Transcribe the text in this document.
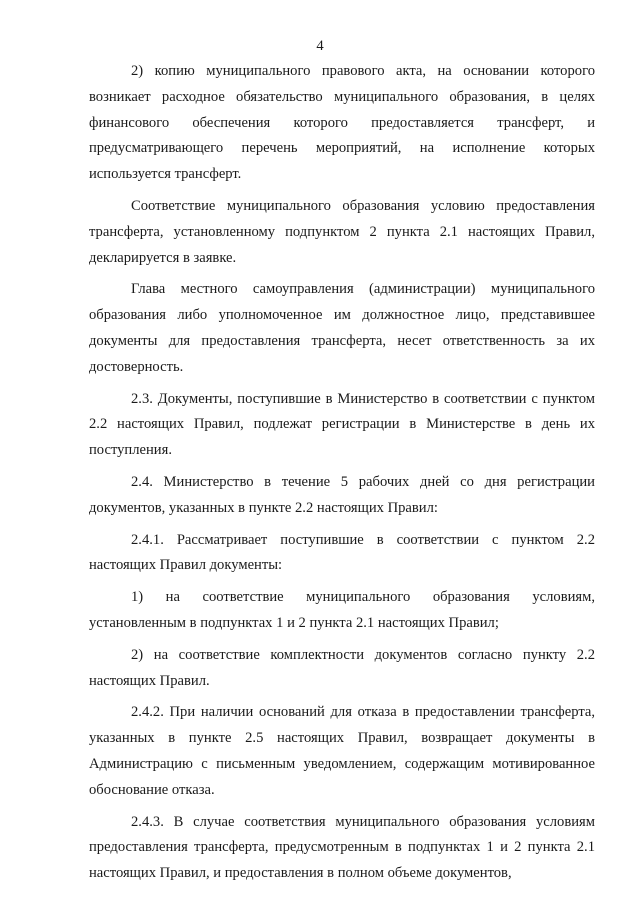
4

2) копию муниципального правового акта, на основании которого возникает расходное обязательство муниципального образования, в целях финансового обеспечения которого предоставляется трансферт, и предусматривающего перечень мероприятий, на исполнение которых используется трансферт.

Соответствие муниципального образования условию предоставления трансферта, установленному подпунктом 2 пункта 2.1 настоящих Правил, декларируется в заявке.

Глава местного самоуправления (администрации) муниципального образования либо уполномоченное им должностное лицо, представившее документы для предоставления трансферта, несет ответственность за их достоверность.

2.3. Документы, поступившие в Министерство в соответствии с пунктом 2.2 настоящих Правил, подлежат регистрации в Министерстве в день их поступления.

2.4. Министерство в течение 5 рабочих дней со дня регистрации документов, указанных в пункте 2.2 настоящих Правил:

2.4.1. Рассматривает поступившие в соответствии с пунктом 2.2 настоящих Правил документы:

1) на соответствие муниципального образования условиям, установленным в подпунктах 1 и 2 пункта 2.1 настоящих Правил;

2) на соответствие комплектности документов согласно пункту 2.2 настоящих Правил.

2.4.2. При наличии оснований для отказа в предоставлении трансферта, указанных в пункте 2.5 настоящих Правил, возвращает документы в Администрацию с письменным уведомлением, содержащим мотивированное обоснование отказа.

2.4.3. В случае соответствия муниципального образования условиям предоставления трансферта, предусмотренным в подпунктах 1 и 2 пункта 2.1 настоящих Правил, и предоставления в полном объеме документов,
